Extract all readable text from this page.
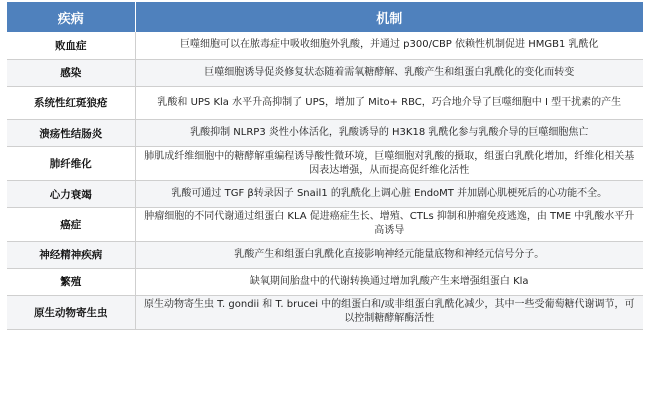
疾病	机制
败血症	巨噬细胞可以在脓毒症中吸收细胞外乳酸，并通过 p300/CBP 依赖性机制促进 HMGB1 乳酰化
感染	巨噬细胞诱导促炎修复状态随着需氧糖酵解、乳酸产生和组蛋白乳酰化的变化而转变
系统性红斑狼疮	乳酸和 UPS Kla 水平升高抑制了 UPS，增加了 Mito+ RBC，巧合地介导了巨噬细胞中 I 型干扰素的产生
溃疡性结肠炎	乳酸抑制 NLRP3 炎性小体活化，乳酸诱导的 H3K18 乳酰化参与乳酸介导的巨噬细胞焦亡
肺纤维化	肺肌成纤维细胞中的糖酵解重编程诱导酸性微环境，巨噬细胞对乳酸的摄取，组蛋白乳酰化增加，纤维化相关基因表达增强，从而提高促纤维化活性
心力衰竭	乳酸可通过 TGF β转录因子 Snail1 的乳酰化上调心脏 EndoMT 并加剧心肌梗死后的心功能不全。
癌症	肿瘤细胞的不同代谢通过组蛋白 KLA 促进癌症生长、增殖、CTLs 抑制和肿瘤免疫逃逸，由 TME 中乳酸水平升高诱导
神经精神疾病	乳酸产生和组蛋白乳酰化直接影响神经元能量底物和神经元信号分子。
繁殖	缺氧期间胎盘中的代谢转换通过增加乳酸产生来增强组蛋白 Kla
原生动物寄生虫	原生动物寄生虫 T. gondii 和 T. brucei 中的组蛋白和/或非组蛋白乳酰化减少，其中一些受葡萄糖代谢调节，可以控制糖酵解酶活性
